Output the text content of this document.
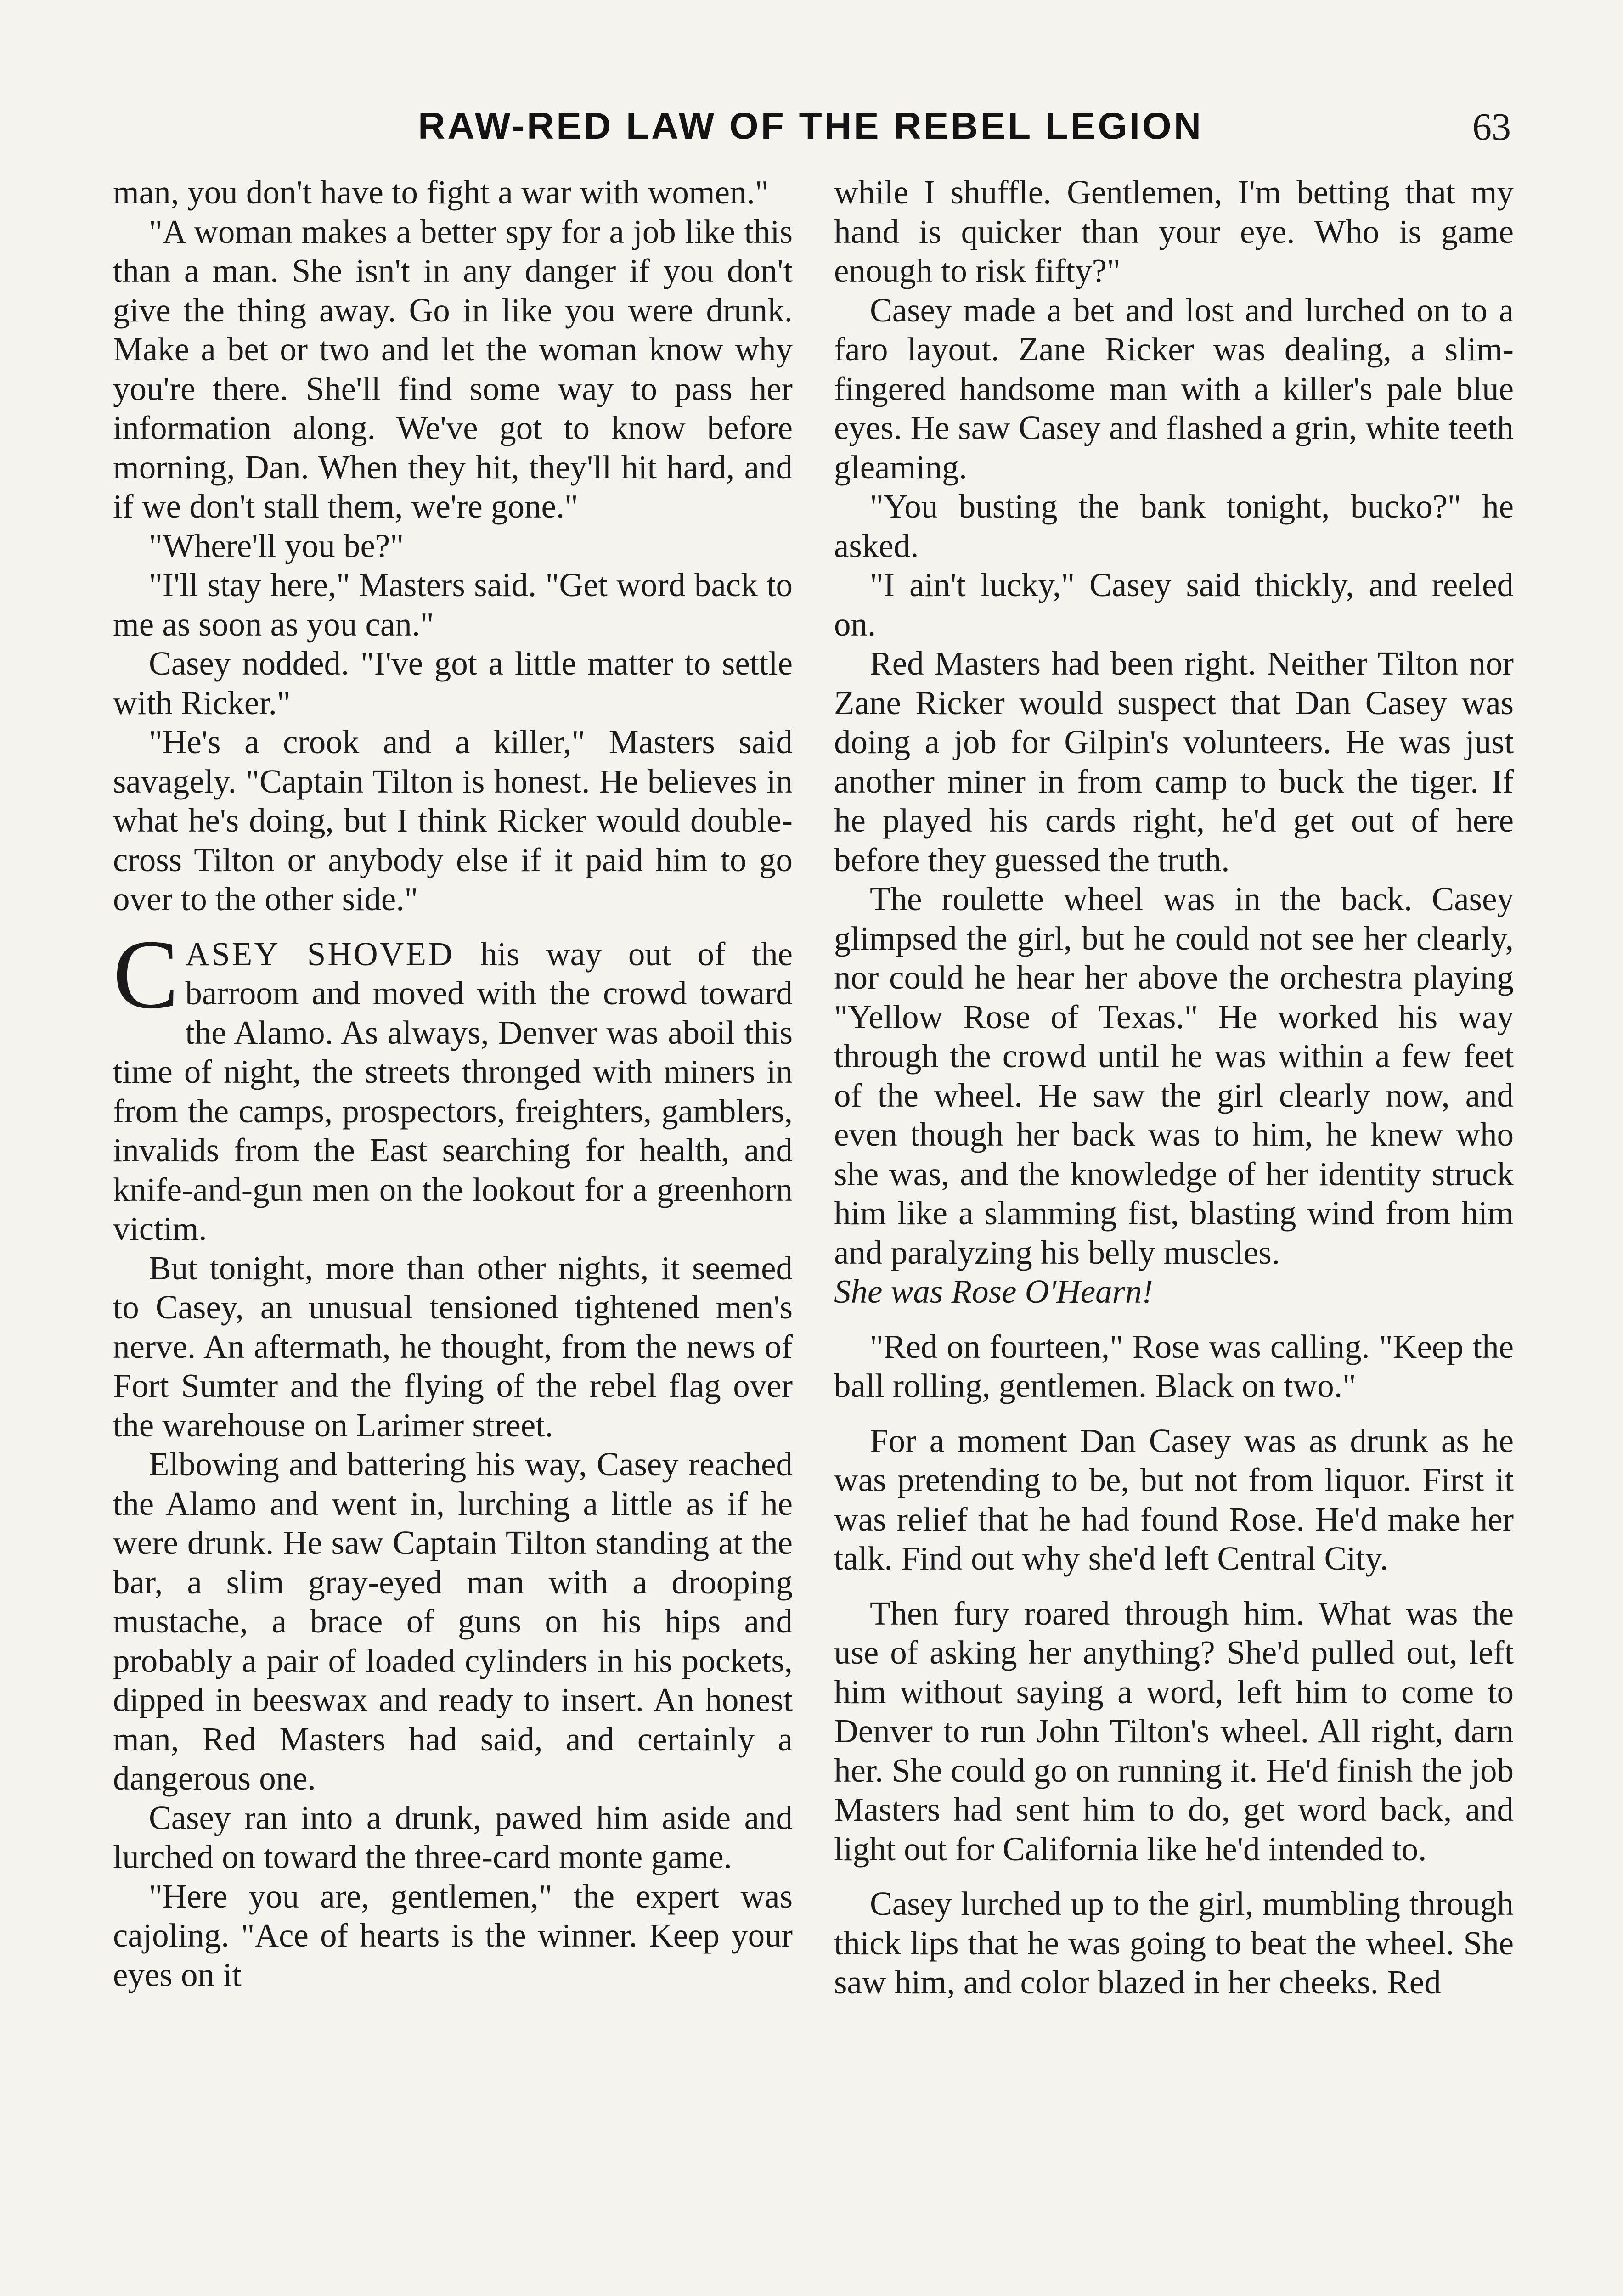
RAW-RED LAW OF THE REBEL LEGION	63

man, you don't have to fight a war with women."

"A woman makes a better spy for a job like this than a man. She isn't in any danger if you don't give the thing away. Go in like you were drunk. Make a bet or two and let the woman know why you're there. She'll find some way to pass her information along. We've got to know before morning, Dan. When they hit, they'll hit hard, and if we don't stall them, we're gone."

"Where'll you be?"

"I'll stay here," Masters said. "Get word back to me as soon as you can."

Casey nodded. "I've got a little matter to settle with Ricker."

"He's a crook and a killer," Masters said savagely. "Captain Tilton is honest. He believes in what he's doing, but I think Ricker would double-cross Tilton or anybody else if it paid him to go over to the other side."

CASEY SHOVED his way out of the barroom and moved with the crowd toward the Alamo. As always, Denver was aboil this time of night, the streets thronged with miners in from the camps, prospectors, freighters, gamblers, invalids from the East searching for health, and knife-and-gun men on the lookout for a greenhorn victim.

But tonight, more than other nights, it seemed to Casey, an unusual tensioned tightened men's nerve. An aftermath, he thought, from the news of Fort Sumter and the flying of the rebel flag over the warehouse on Larimer street.

Elbowing and battering his way, Casey reached the Alamo and went in, lurching a little as if he were drunk. He saw Captain Tilton standing at the bar, a slim gray-eyed man with a drooping mustache, a brace of guns on his hips and probably a pair of loaded cylinders in his pockets, dipped in beeswax and ready to insert. An honest man, Red Masters had said, and certainly a dangerous one.

Casey ran into a drunk, pawed him aside and lurched on toward the three-card monte game.

"Here you are, gentlemen," the expert was cajoling. "Ace of hearts is the winner. Keep your eyes on it

while I shuffle. Gentlemen, I'm betting that my hand is quicker than your eye. Who is game enough to risk fifty?"

Casey made a bet and lost and lurched on to a faro layout. Zane Ricker was dealing, a slim-fingered handsome man with a killer's pale blue eyes. He saw Casey and flashed a grin, white teeth gleaming.

"You busting the bank tonight, bucko?" he asked.

"I ain't lucky," Casey said thickly, and reeled on.

Red Masters had been right. Neither Tilton nor Zane Ricker would suspect that Dan Casey was doing a job for Gilpin's volunteers. He was just another miner in from camp to buck the tiger. If he played his cards right, he'd get out of here before they guessed the truth.

The roulette wheel was in the back. Casey glimpsed the girl, but he could not see her clearly, nor could he hear her above the orchestra playing "Yellow Rose of Texas." He worked his way through the crowd until he was within a few feet of the wheel. He saw the girl clearly now, and even though her back was to him, he knew who she was, and the knowledge of her identity struck him like a slamming fist, blasting wind from him and paralyzing his belly muscles.

She was Rose O'Hearn!

"Red on fourteen," Rose was calling. "Keep the ball rolling, gentlemen. Black on two."

For a moment Dan Casey was as drunk as he was pretending to be, but not from liquor. First it was relief that he had found Rose. He'd make her talk. Find out why she'd left Central City.

Then fury roared through him. What was the use of asking her anything? She'd pulled out, left him without saying a word, left him to come to Denver to run John Tilton's wheel. All right, darn her. She could go on running it. He'd finish the job Masters had sent him to do, get word back, and light out for California like he'd intended to.

Casey lurched up to the girl, mumbling through thick lips that he was going to beat the wheel. She saw him, and color blazed in her cheeks. Red
